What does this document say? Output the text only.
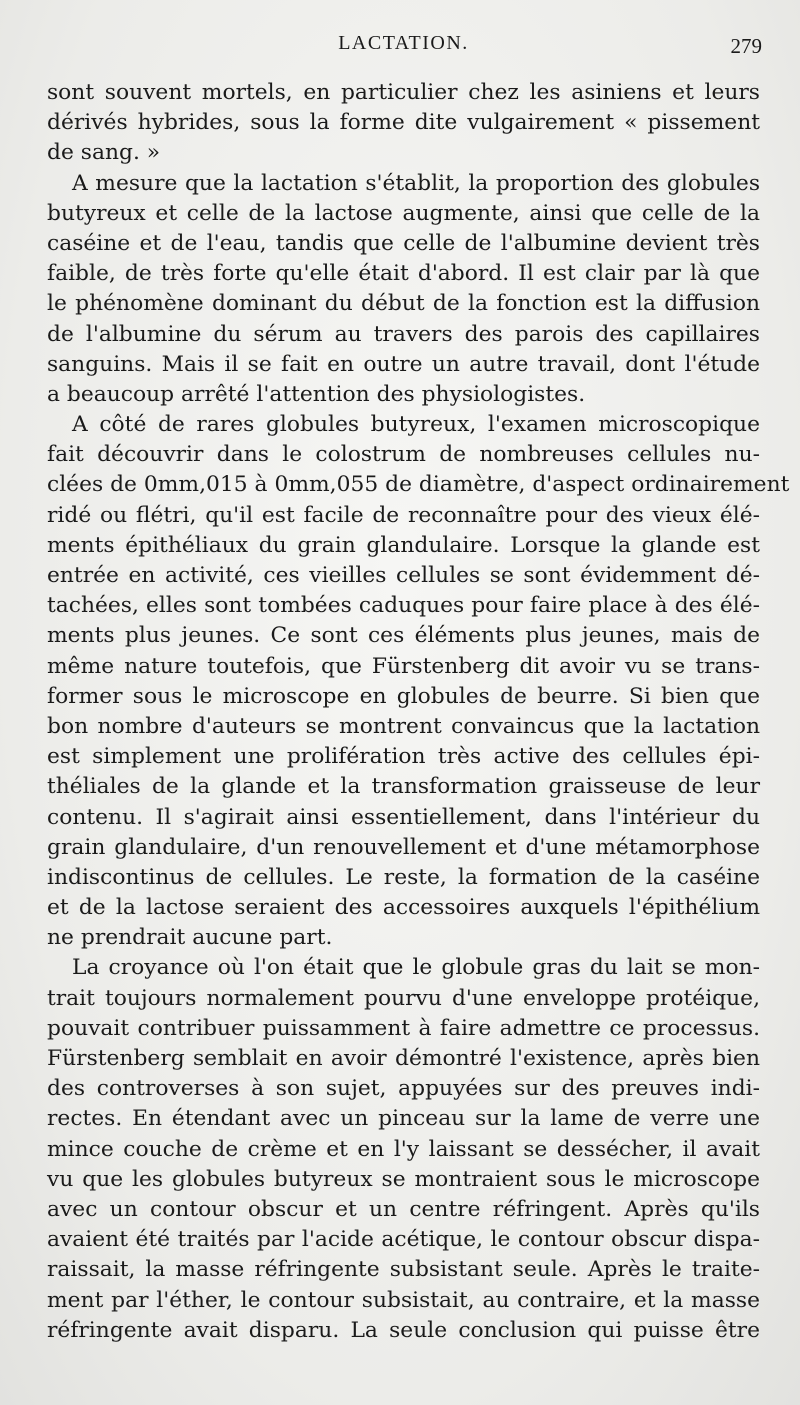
LACTATION.	279
sont souvent mortels, en particulier chez les asiniens et leurs
dérivés hybrides, sous la forme dite vulgairement « pissement
de sang. »
A mesure que la lactation s'établit, la proportion des globules
butyreux et celle de la lactose augmente, ainsi que celle de la
caséine et de l'eau, tandis que celle de l'albumine devient très
faible, de très forte qu'elle était d'abord. Il est clair par là que
le phénomène dominant du début de la fonction est la diffusion
de l'albumine du sérum au travers des parois des capillaires
sanguins. Mais il se fait en outre un autre travail, dont l'étude
a beaucoup arrêté l'attention des physiologistes.
A côté de rares globules butyreux, l'examen microscopique
fait découvrir dans le colostrum de nombreuses cellules nu-
clées de 0mm,015 à 0mm,055 de diamètre, d'aspect ordinairement
ridé ou flétri, qu'il est facile de reconnaître pour des vieux élé-
ments épithéliaux du grain glandulaire. Lorsque la glande est
entrée en activité, ces vieilles cellules se sont évidemment dé-
tachées, elles sont tombées caduques pour faire place à des élé-
ments plus jeunes. Ce sont ces éléments plus jeunes, mais de
même nature toutefois, que Fürstenberg dit avoir vu se trans-
former sous le microscope en globules de beurre. Si bien que
bon nombre d'auteurs se montrent convaincus que la lactation
est simplement une prolifération très active des cellules épi-
théliales de la glande et la transformation graisseuse de leur
contenu. Il s'agirait ainsi essentiellement, dans l'intérieur du
grain glandulaire, d'un renouvellement et d'une métamorphose
indiscontinus de cellules. Le reste, la formation de la caséine
et de la lactose seraient des accessoires auxquels l'épithélium
ne prendrait aucune part.
La croyance où l'on était que le globule gras du lait se mon-
trait toujours normalement pourvu d'une enveloppe protéique,
pouvait contribuer puissamment à faire admettre ce processus.
Fürstenberg semblait en avoir démontré l'existence, après bien
des controverses à son sujet, appuyées sur des preuves indi-
rectes. En étendant avec un pinceau sur la lame de verre une
mince couche de crème et en l'y laissant se dessécher, il avait
vu que les globules butyreux se montraient sous le microscope
avec un contour obscur et un centre réfringent. Après qu'ils
avaient été traités par l'acide acétique, le contour obscur dispa-
raissait, la masse réfringente subsistant seule. Après le traite-
ment par l'éther, le contour subsistait, au contraire, et la masse
réfringente avait disparu. La seule conclusion qui puisse être
